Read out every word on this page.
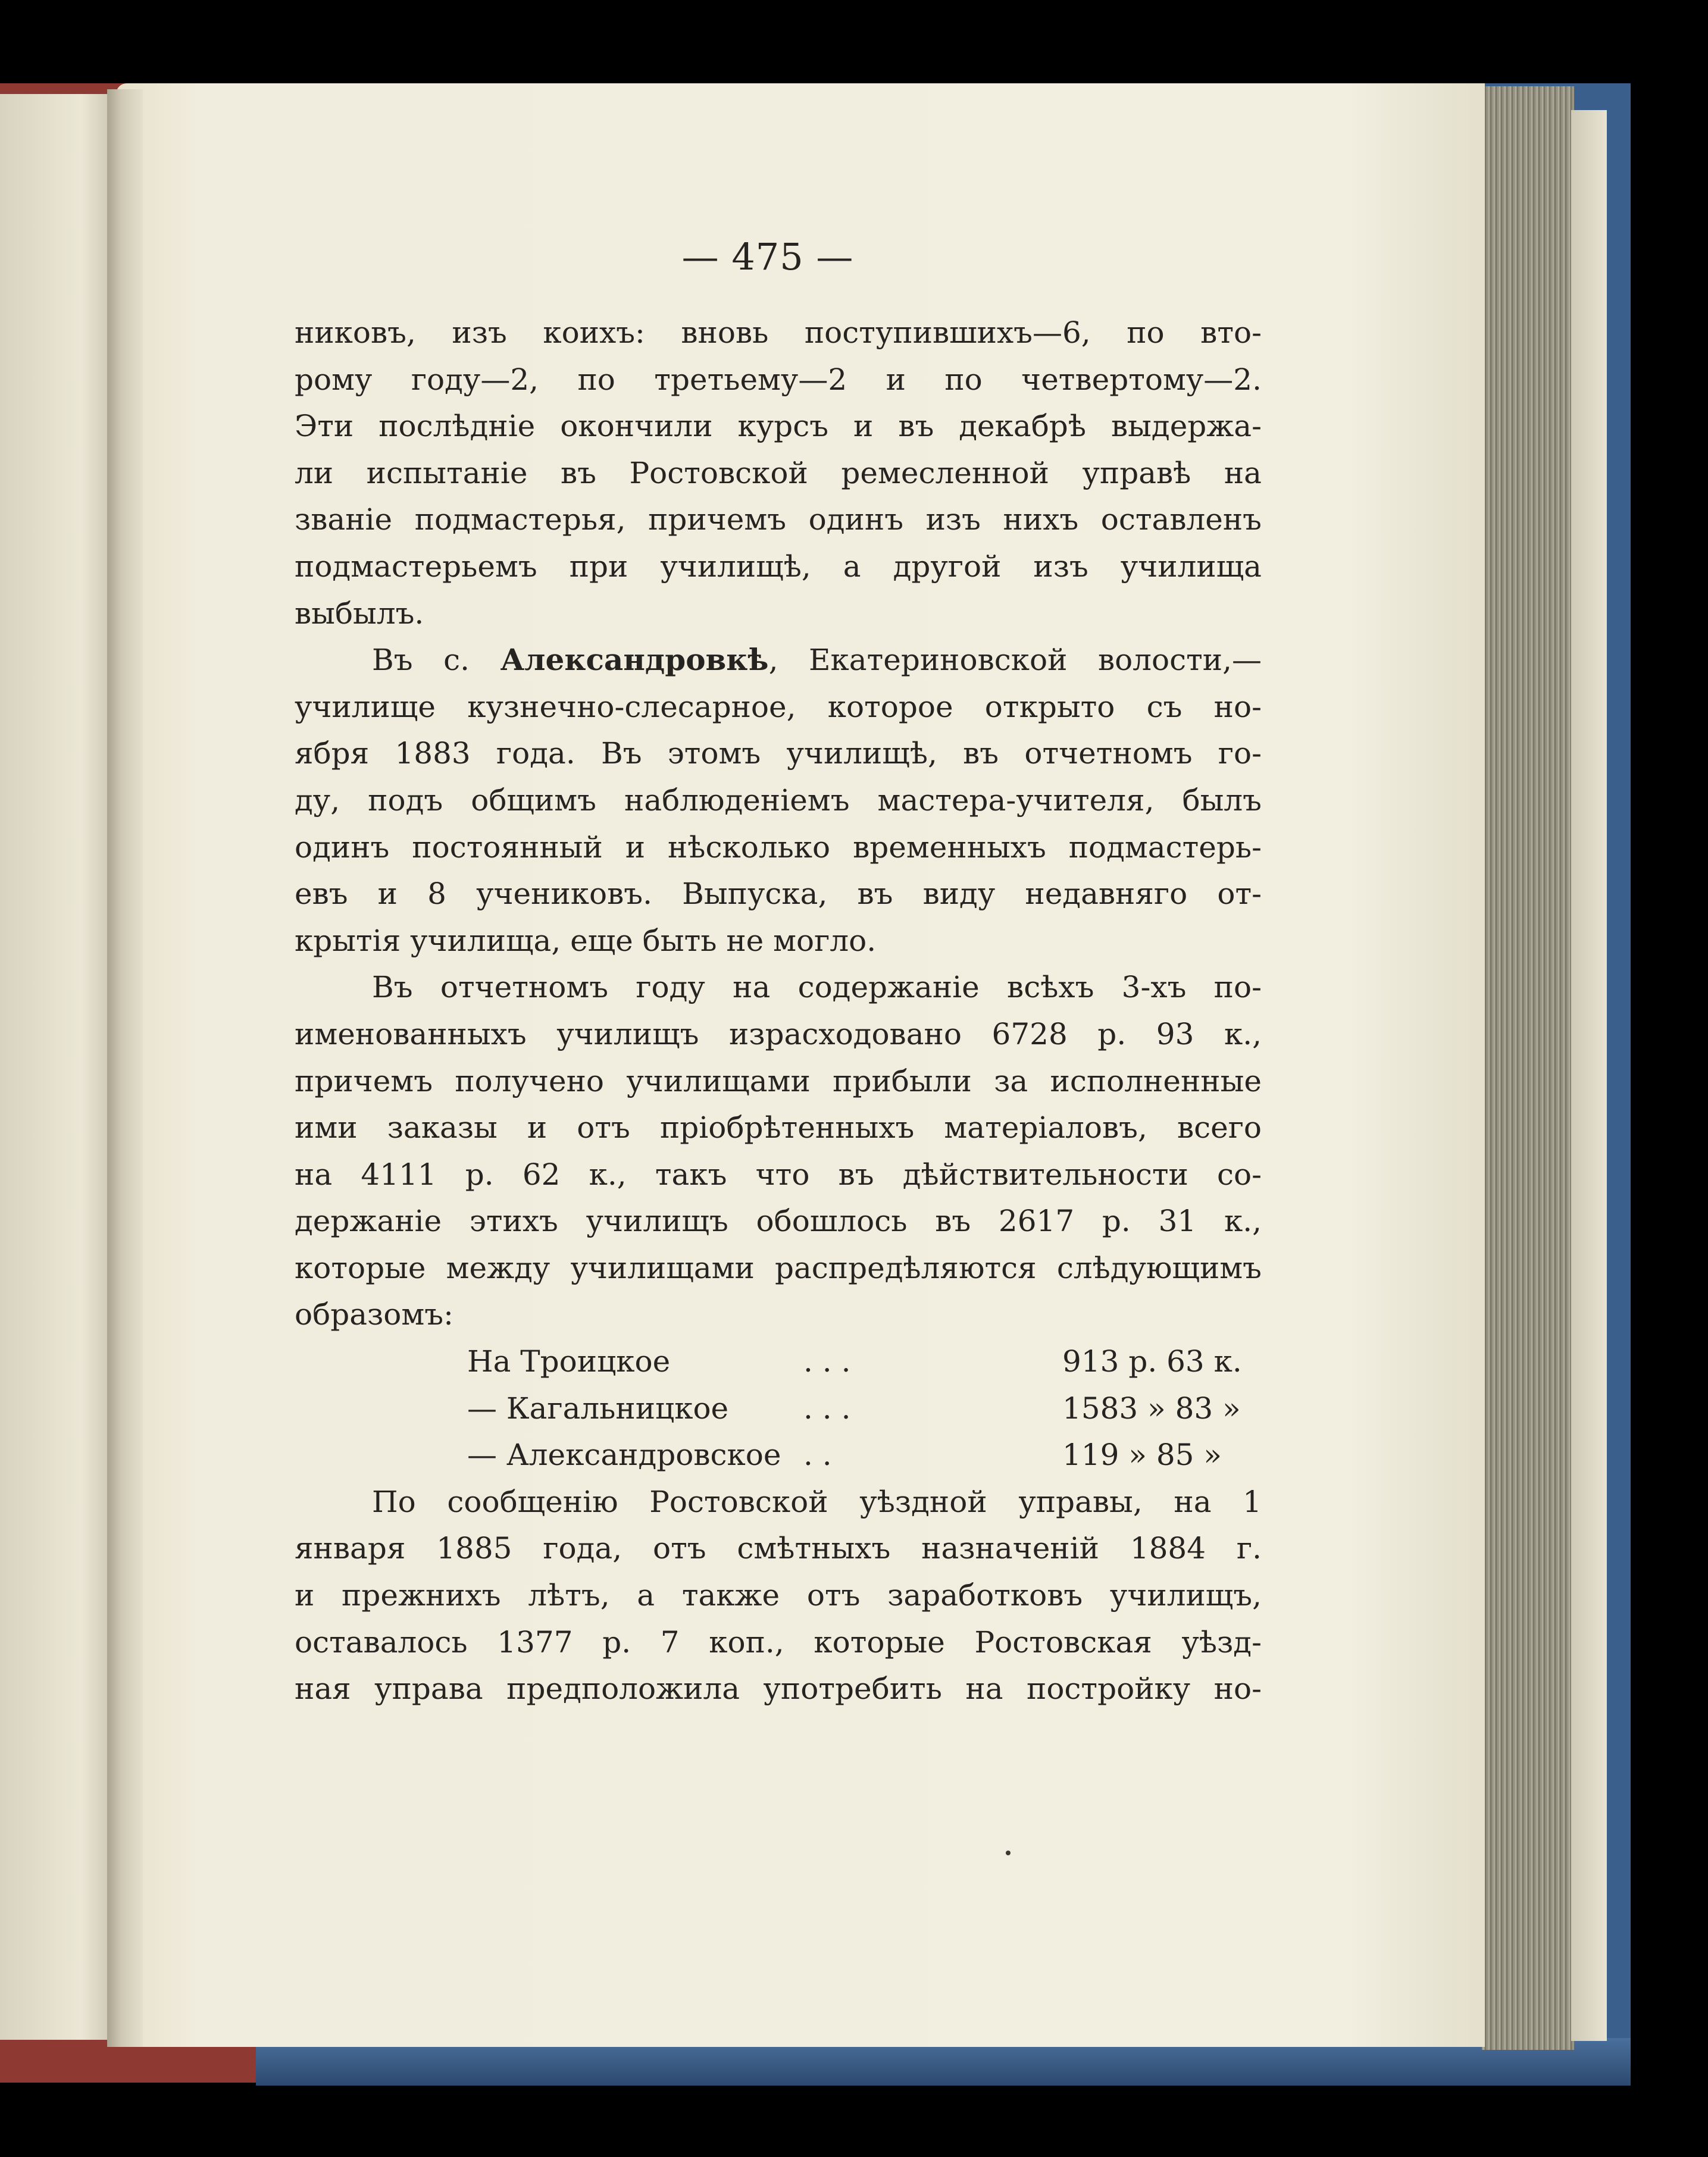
— 475 —
никовъ, изъ коихъ: вновь поступившихъ—6, по вто-
рому году—2, по третьему—2 и по четвертому—2.
Эти послѣдніе окончили курсъ и въ декабрѣ выдержа-
ли испытаніе въ Ростовской ремесленной управѣ на
званіе подмастерья, причемъ одинъ изъ нихъ оставленъ
подмастерьемъ при училищѣ, а другой изъ училища
выбылъ.
Въ с. Александровкѣ, Екатериновской волости,—
училище кузнечно-слесарное, которое открыто съ но-
ября 1883 года. Въ этомъ училищѣ, въ отчетномъ го-
ду, подъ общимъ наблюденіемъ мастера-учителя, былъ
одинъ постоянный и нѣсколько временныхъ подмастерь-
евъ и 8 учениковъ. Выпуска, въ виду недавняго от-
крытія училища, еще быть не могло.
Въ отчетномъ году на содержаніе всѣхъ 3-хъ по-
именованныхъ училищъ израсходовано 6728 р. 93 к.,
причемъ получено училищами прибыли за исполненные
ими заказы и отъ пріобрѣтенныхъ матеріаловъ, всего
на 4111 р. 62 к., такъ что въ дѣйствительности со-
держаніе этихъ училищъ обошлось въ 2617 р. 31 к.,
которые между училищами распредѣляются слѣдующимъ
образомъ:
На Троицкое	. . .	913 р. 63 к.
— Кагальницкое	. . .	1583 » 83 »
— Александровское . .	119 » 85 »
По сообщенію Ростовской уѣздной управы, на 1
января 1885 года, отъ смѣтныхъ назначеній 1884 г.
и прежнихъ лѣтъ, а также отъ заработковъ училищъ,
оставалось 1377 р. 7 коп., которые Ростовская уѣзд-
ная управа предположила употребить на постройку но-
